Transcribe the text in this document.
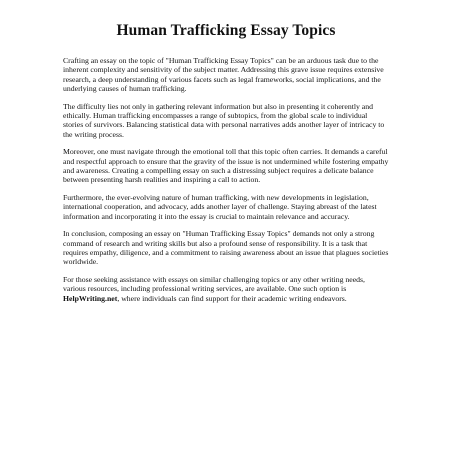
Human Trafficking Essay Topics

Crafting an essay on the topic of "Human Trafficking Essay Topics" can be an arduous task due to the inherent complexity and sensitivity of the subject matter. Addressing this grave issue requires extensive research, a deep understanding of various facets such as legal frameworks, social implications, and the underlying causes of human trafficking.

The difficulty lies not only in gathering relevant information but also in presenting it coherently and ethically. Human trafficking encompasses a range of subtopics, from the global scale to individual stories of survivors. Balancing statistical data with personal narratives adds another layer of intricacy to the writing process.

Moreover, one must navigate through the emotional toll that this topic often carries. It demands a careful and respectful approach to ensure that the gravity of the issue is not undermined while fostering empathy and awareness. Creating a compelling essay on such a distressing subject requires a delicate balance between presenting harsh realities and inspiring a call to action.

Furthermore, the ever-evolving nature of human trafficking, with new developments in legislation, international cooperation, and advocacy, adds another layer of challenge. Staying abreast of the latest information and incorporating it into the essay is crucial to maintain relevance and accuracy.

In conclusion, composing an essay on "Human Trafficking Essay Topics" demands not only a strong command of research and writing skills but also a profound sense of responsibility. It is a task that requires empathy, diligence, and a commitment to raising awareness about an issue that plagues societies worldwide.

For those seeking assistance with essays on similar challenging topics or any other writing needs, various resources, including professional writing services, are available. One such option is HelpWriting.net, where individuals can find support for their academic writing endeavors.
